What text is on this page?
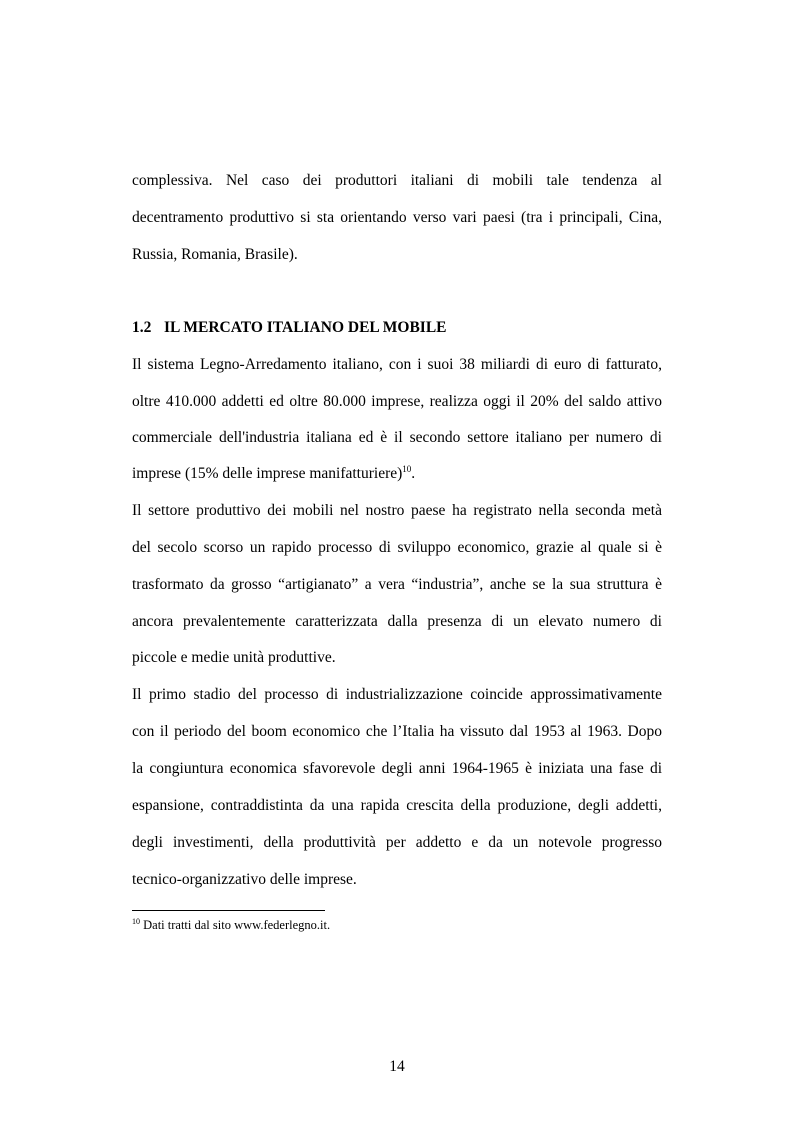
complessiva. Nel caso dei produttori italiani di mobili tale tendenza al
decentramento produttivo si sta orientando verso vari paesi (tra i principali, Cina,
Russia, Romania, Brasile).
1.2 IL MERCATO ITALIANO DEL MOBILE
Il sistema Legno-Arredamento italiano, con i suoi 38 miliardi di euro di fatturato,
oltre 410.000 addetti ed oltre 80.000 imprese, realizza oggi il 20% del saldo attivo
commerciale dell'industria italiana ed è il secondo settore italiano per numero di
imprese (15% delle imprese manifatturiere)$^{10}$.
Il settore produttivo dei mobili nel nostro paese ha registrato nella seconda metà
del secolo scorso un rapido processo di sviluppo economico, grazie al quale si è
trasformato da grosso “artigianato” a vera “industria”, anche se la sua struttura è
ancora prevalentemente caratterizzata dalla presenza di un elevato numero di
piccole e medie unità produttive.
Il primo stadio del processo di industrializzazione coincide approssimativamente
con il periodo del boom economico che l’Italia ha vissuto dal 1953 al 1963. Dopo
la congiuntura economica sfavorevole degli anni 1964-1965 è iniziata una fase di
espansione, contraddistinta da una rapida crescita della produzione, degli addetti,
degli investimenti, della produttività per addetto e da un notevole progresso
tecnico-organizzativo delle imprese.
$^{10}$ Dati tratti dal sito www.federlegno.it.
14
